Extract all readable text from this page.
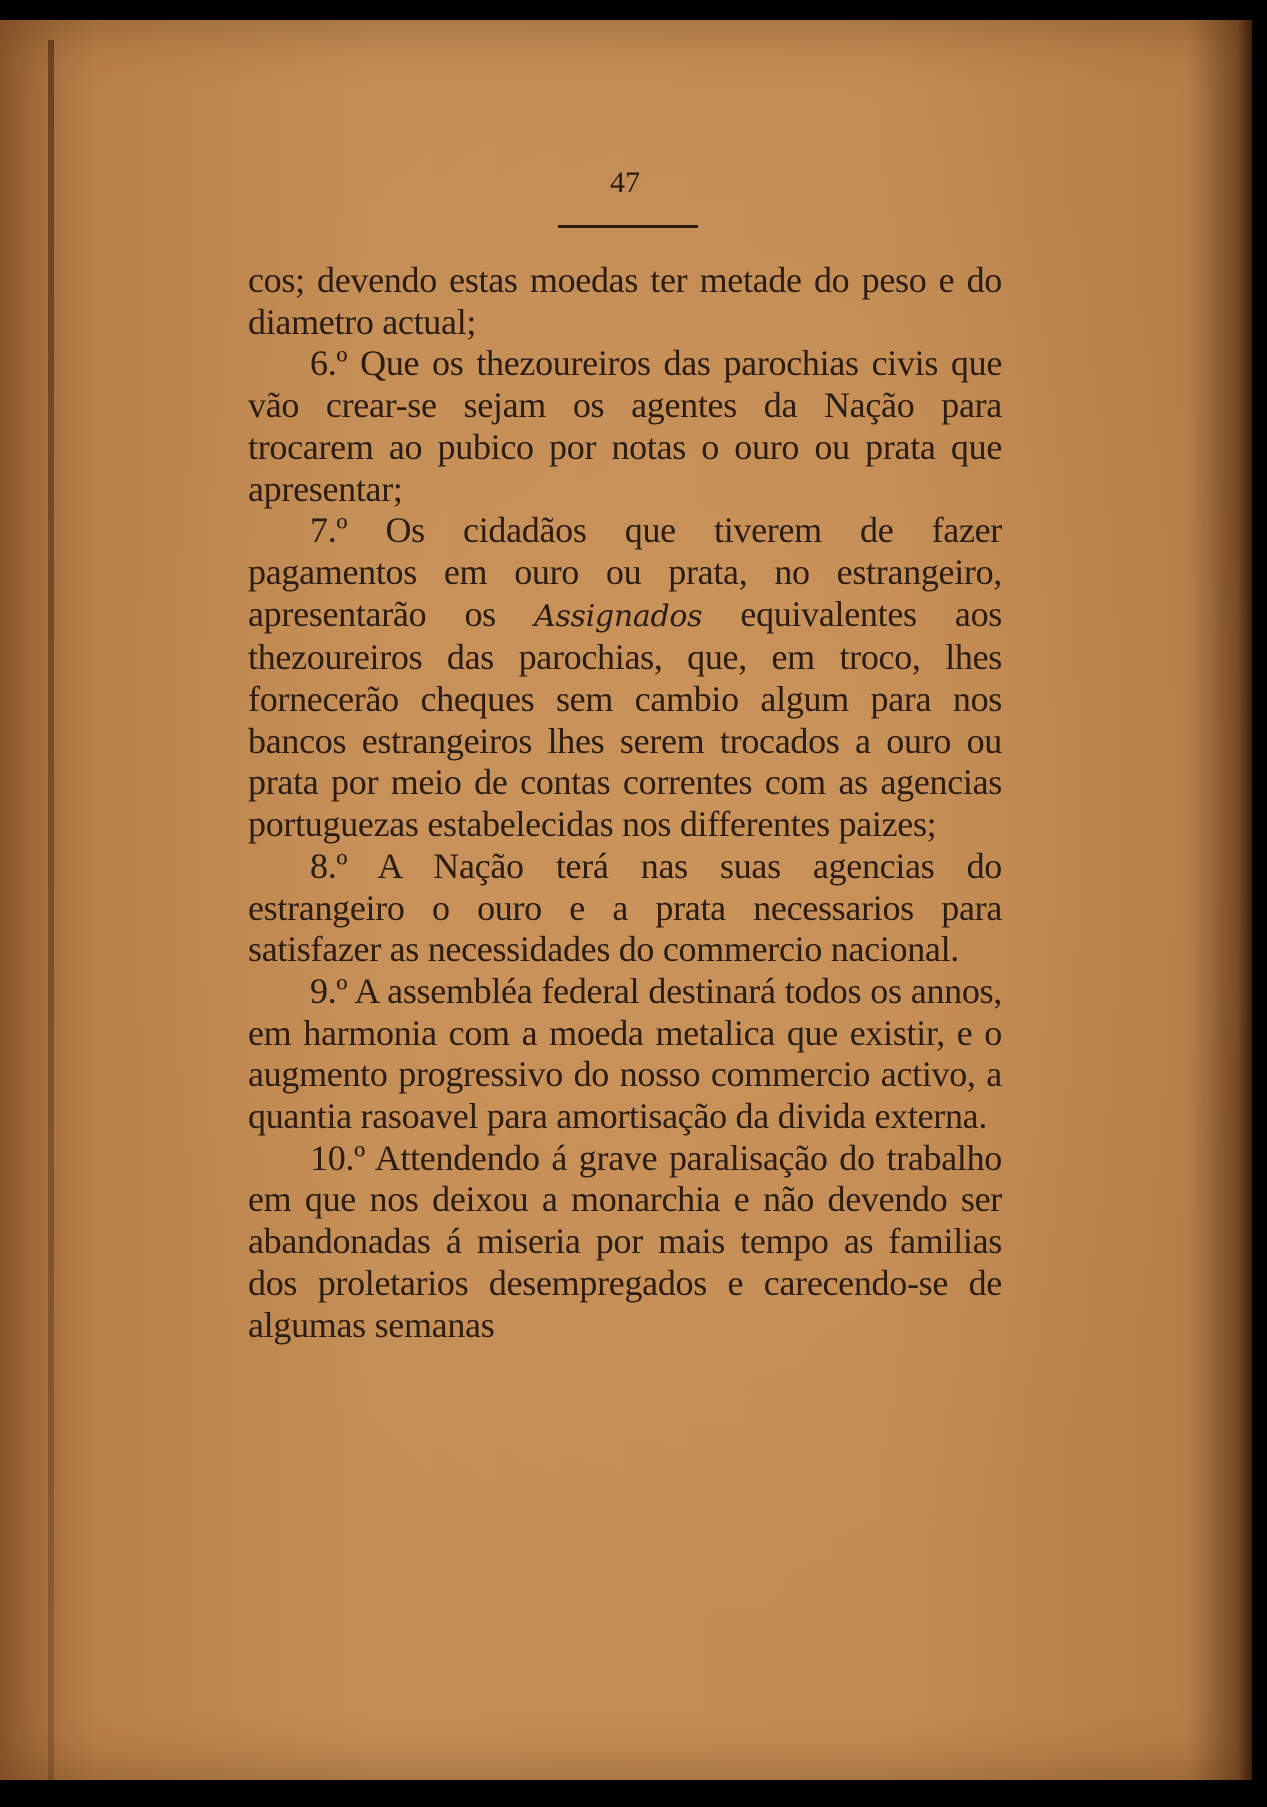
47

cos; devendo estas moedas ter metade do peso e do diametro actual;

6.º Que os thezoureiros das parochias civis que vão crear-se sejam os agentes da Nação para trocarem ao pubico por notas o ouro ou prata que apresentar;

7.º Os cidadãos que tiverem de fazer pagamentos em ouro ou prata, no estrangeiro, apresentarão os Assignados equivalentes aos thezoureiros das parochias, que, em troco, lhes fornecerão cheques sem cambio algum para nos bancos estrangeiros lhes serem trocados a ouro ou prata por meio de contas correntes com as agencias portuguezas estabelecidas nos differentes paizes;

8.º A Nação terá nas suas agencias do estrangeiro o ouro e a prata necessarios para satisfazer as necessidades do commercio nacional.

9.º A assembléa federal destinará todos os annos, em harmonia com a moeda metalica que existir, e o augmento progressivo do nosso commercio activo, a quantia rasoavel para amortisação da divida externa.

10.º Attendendo á grave paralisação do trabalho em que nos deixou a monarchia e não devendo ser abandonadas á miseria por mais tempo as familias dos proletarios desempregados e carecendo-se de algumas semanas
